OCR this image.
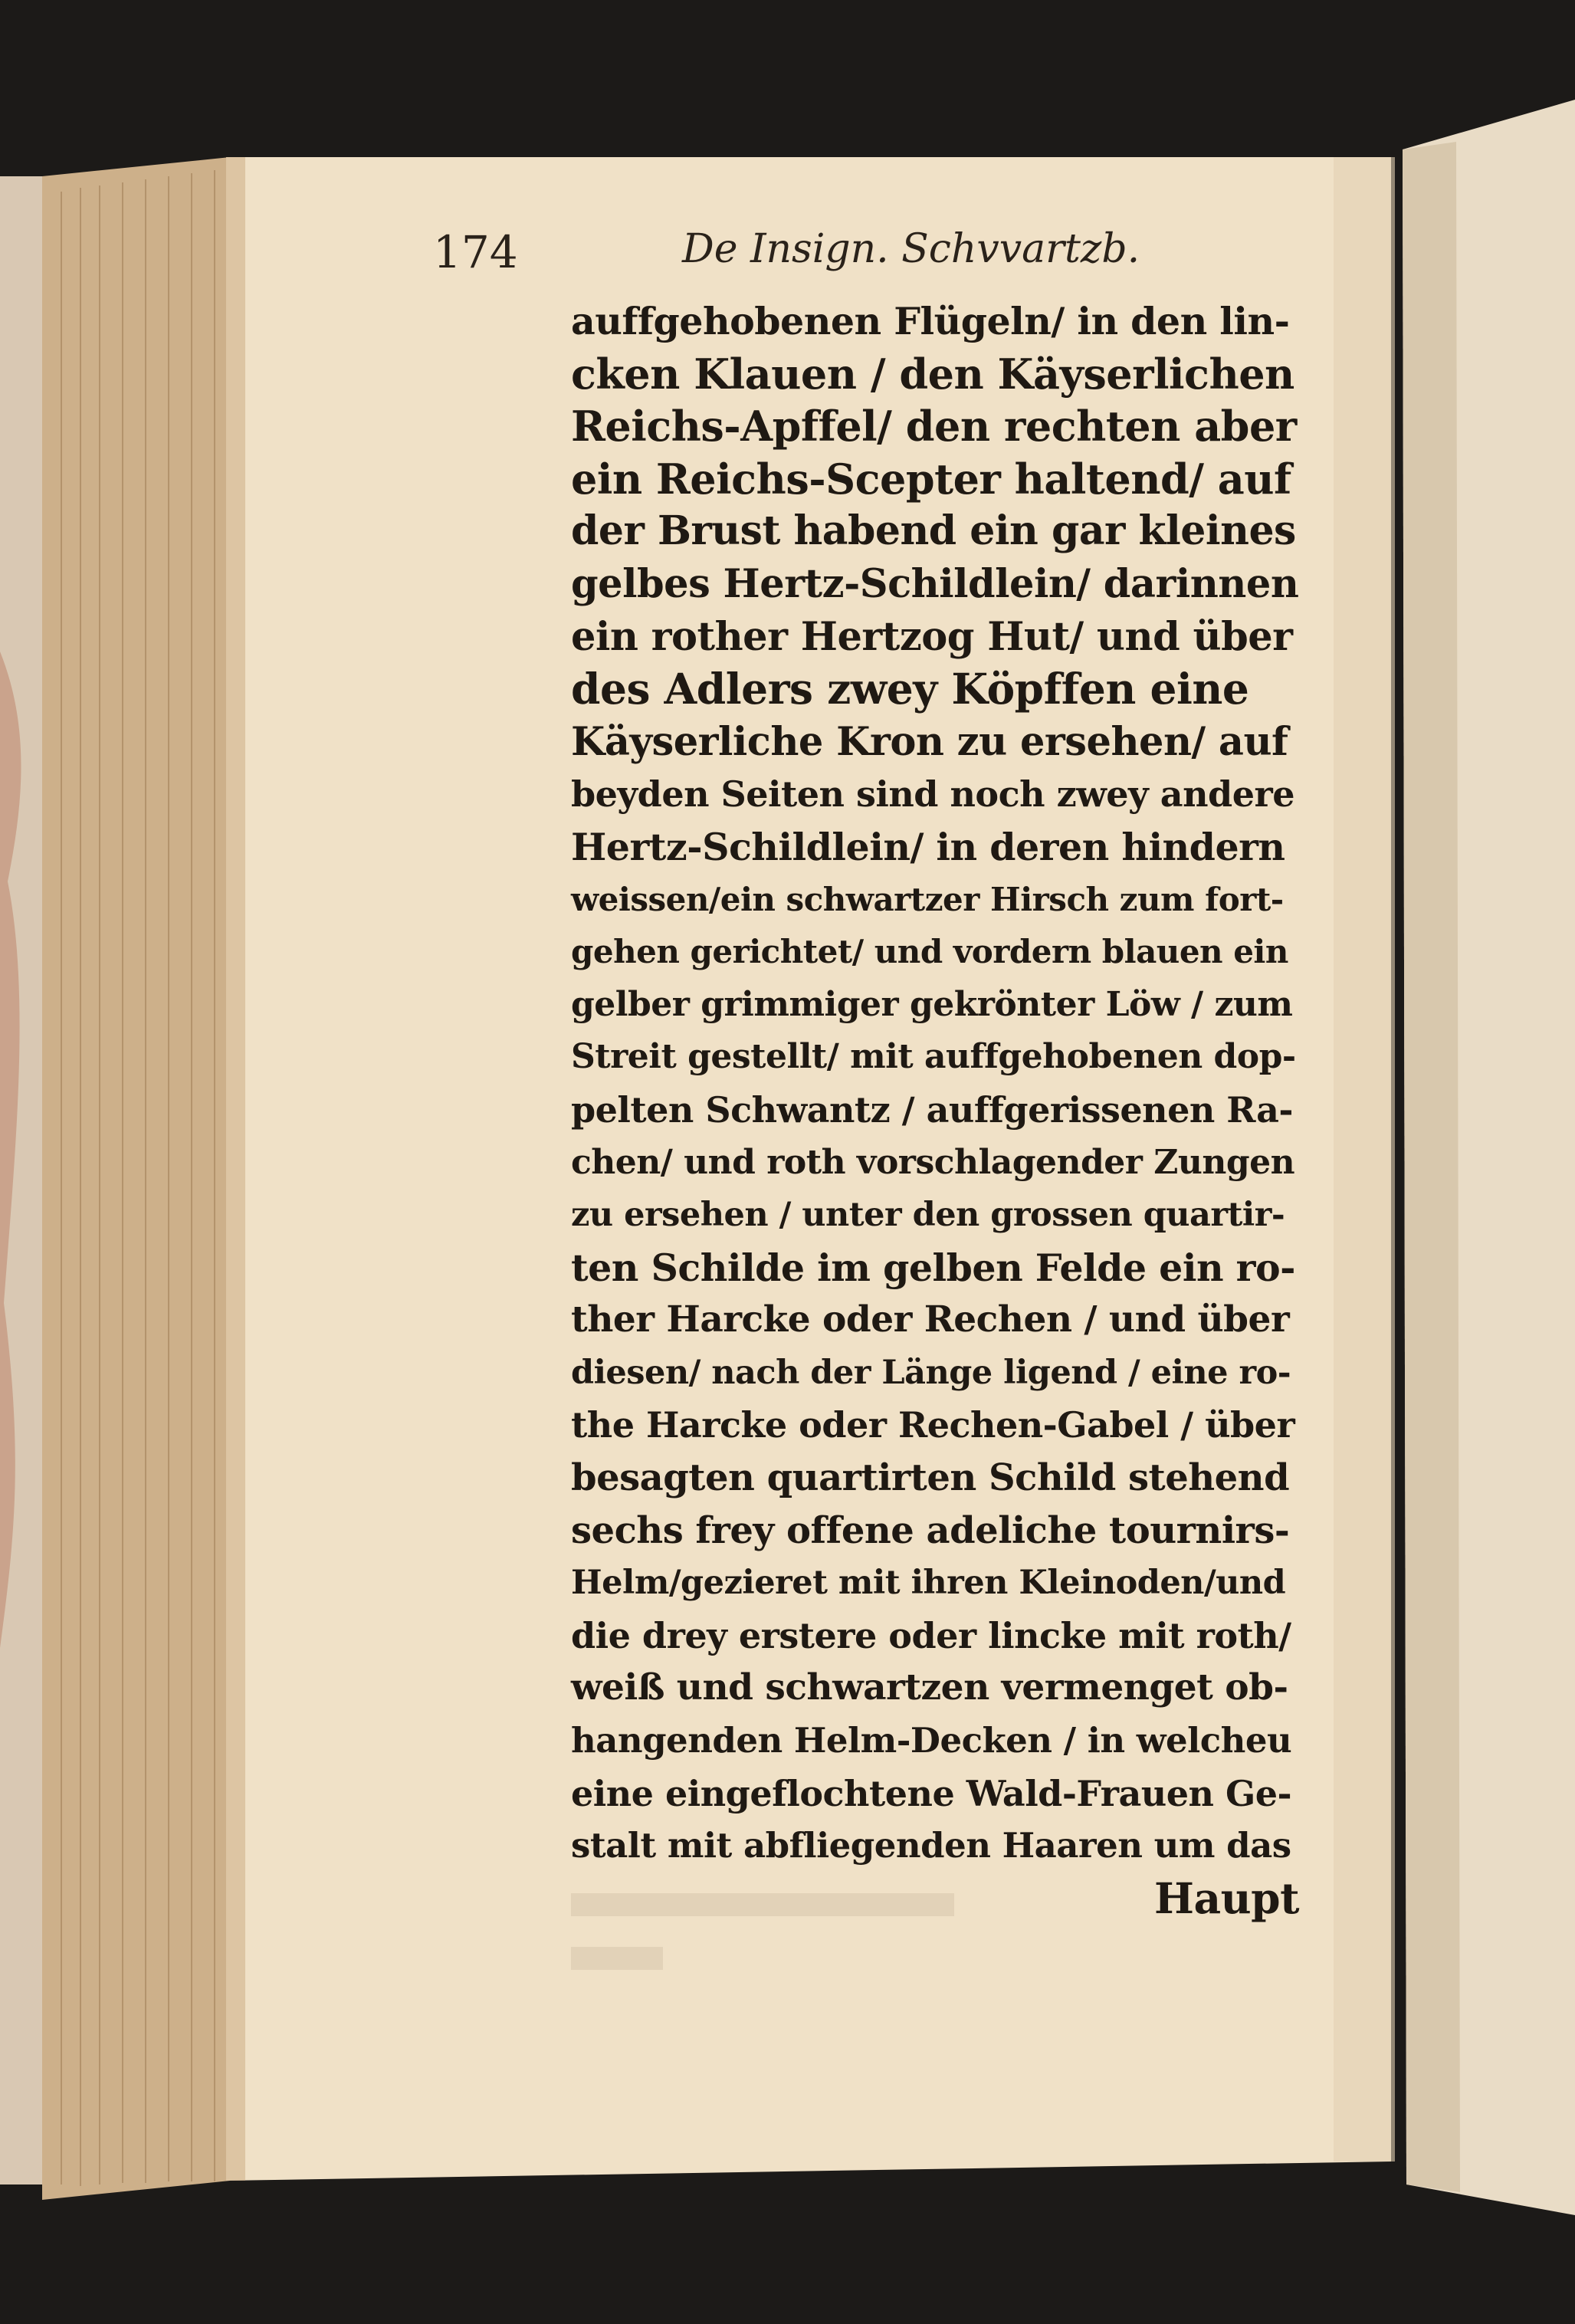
174	De Insign. Schvvartzb.
auffgehobenen Flügeln/ in den lin-
cken Klauen / den Käyserlichen
Reichs-Apffel/ den rechten aber
ein Reichs-Scepter haltend/ auf
der Brust habend ein gar kleines
gelbes Hertz-Schildlein/ darinnen
ein rother Hertzog Hut/ und über
des Adlers zwey Köpffen eine
Käyserliche Kron zu ersehen/ auf
beyden Seiten sind noch zwey andere
Hertz-Schildlein/ in deren hindern
weissen/ein schwartzer Hirsch zum fort-
gehen gerichtet/ und vordern blauen ein
gelber grimmiger gekrönter Löw / zum
Streit gestellt/ mit auffgehobenen dop-
pelten Schwantz / auffgerissenen Ra-
chen/ und roth vorschlagender Zungen
zu ersehen / unter den grossen quartir-
ten Schilde im gelben Felde ein ro-
ther Harcke oder Rechen / und über
diesen/ nach der Länge ligend / eine ro-
the Harcke oder Rechen-Gabel / über
besagten quartirten Schild stehend
sechs frey offene adeliche tournirs-
Helm/gezieret mit ihren Kleinoden/und
die drey erstere oder lincke mit roth/
weiß und schwartzen vermenget ob-
hangenden Helm-Decken / in welcheu
eine eingeflochtene Wald-Frauen Ge-
stalt mit abfliegenden Haaren um das
Haupt
